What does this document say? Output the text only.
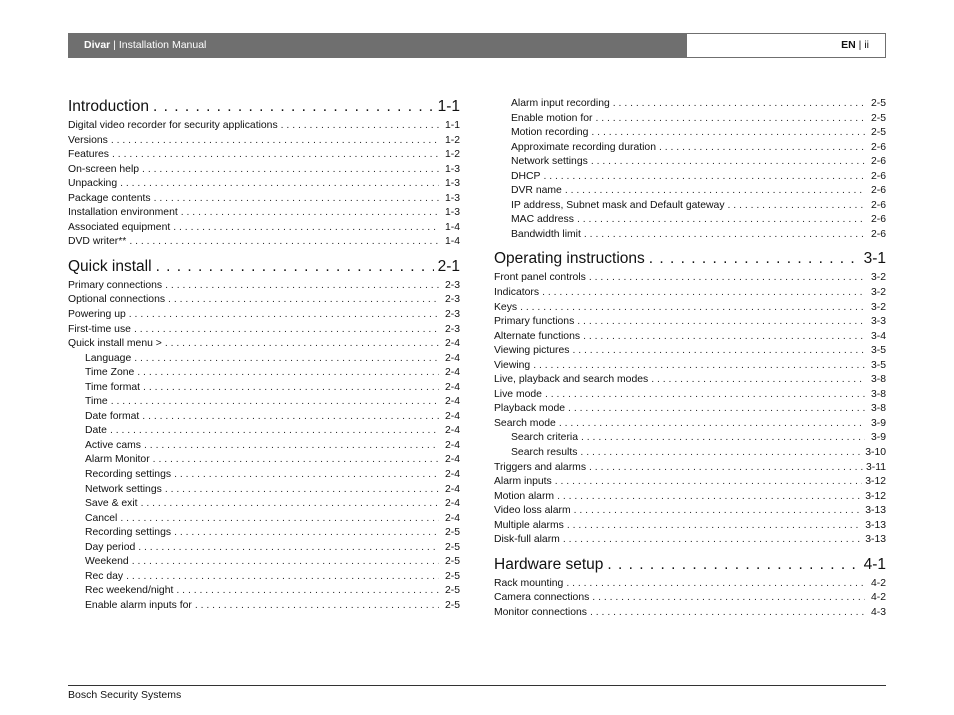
Divar | Installation Manual	EN | ii
Introduction . . .	1-1
Digital video recorder for security applications . . .	1-1
Versions . . .	1-2
Features . . .	1-2
On-screen help . . .	1-3
Unpacking . . .	1-3
Package contents . . .	1-3
Installation environment . . .	1-3
Associated equipment . . .	1-4
DVD writer** . . .	1-4
Quick install . . .	2-1
Primary connections . . .	2-3
Optional connections . . .	2-3
Powering up . . .	2-3
First-time use . . .	2-3
Quick install menu > . . .	2-4
Language . . .	2-4
Time Zone . . .	2-4
Time format . . .	2-4
Time . . .	2-4
Date format . . .	2-4
Date . . .	2-4
Active cams . . .	2-4
Alarm Monitor . . .	2-4
Recording settings . . .	2-4
Network settings . . .	2-4
Save & exit . . .	2-4
Cancel . . .	2-4
Recording settings . . .	2-5
Day period . . .	2-5
Weekend . . .	2-5
Rec day . . .	2-5
Rec weekend/night . . .	2-5
Enable alarm inputs for . . .	2-5
Alarm input recording . . .	2-5
Enable motion for . . .	2-5
Motion recording . . .	2-5
Approximate recording duration . . .	2-6
Network settings . . .	2-6
DHCP . . .	2-6
DVR name . . .	2-6
IP address, Subnet mask and Default gateway . . .	2-6
MAC address . . .	2-6
Bandwidth limit . . .	2-6
Operating instructions . . .	3-1
Front panel controls . . .	3-2
Indicators . . .	3-2
Keys . . .	3-2
Primary functions . . .	3-3
Alternate functions . . .	3-4
Viewing pictures . . .	3-5
Viewing . . .	3-5
Live, playback and search modes . . .	3-8
Live mode . . .	3-8
Playback mode . . .	3-8
Search mode . . .	3-9
Search criteria . . .	3-9
Search results . . .	3-10
Triggers and alarms . . .	3-11
Alarm inputs . . .	3-12
Motion alarm . . .	3-12
Video loss alarm . . .	3-13
Multiple alarms . . .	3-13
Disk-full alarm . . .	3-13
Hardware setup . . .	4-1
Rack mounting . . .	4-2
Camera connections . . .	4-2
Monitor connections . . .	4-3
Bosch Security Systems
